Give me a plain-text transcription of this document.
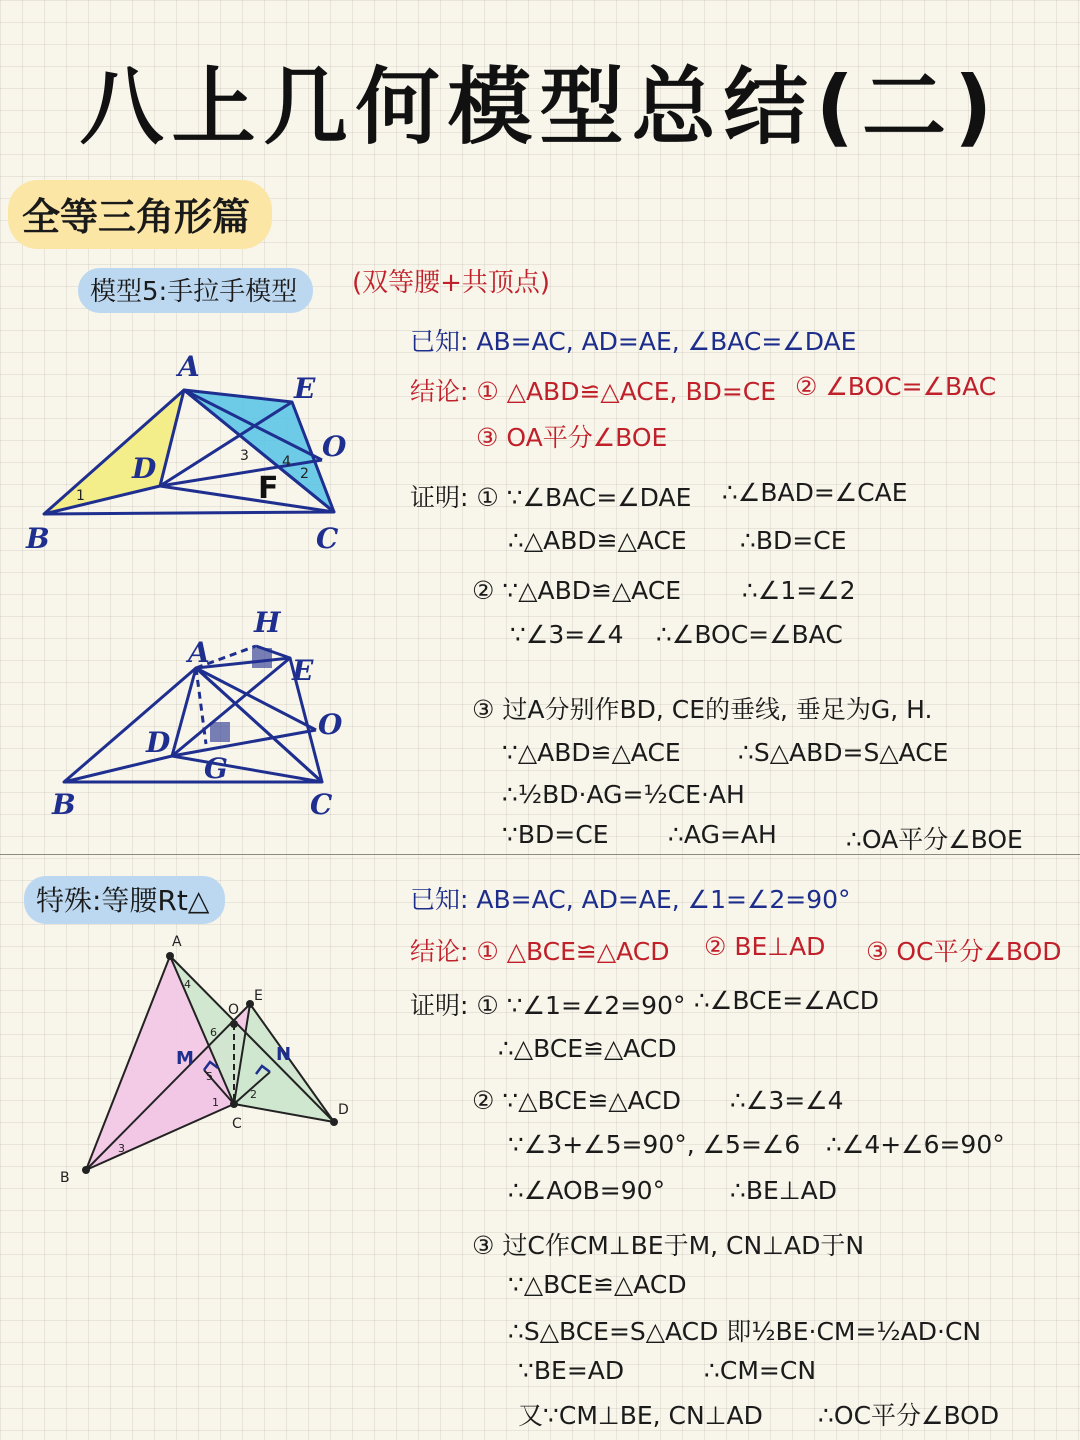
八上几何模型总结(二)
全等三角形篇
模型5:手拉手模型	(双等腰+共顶点)
已知: AB=AC, AD=AE, ∠BAC=∠DAE
结论: ① △ABD≌△ACE, BD=CE ② ∠BOC=∠BAC
③ OA平分∠BOE
证明: ① ∵∠BAC=∠DAE ∴∠BAD=∠CAE
∴△ABD≌△ACE ∴BD=CE
② ∵△ABD≌△ACE ∴∠1=∠2
∵∠3=∠4 ∴∠BOC=∠BAC
③ 过A分别作BD, CE的垂线, 垂足为G, H.
∵△ABD≌△ACE ∴S△ABD=S△ACE
∴½BD·AG=½CE·AH
∵BD=CE ∴AG=AH	∴OA平分∠BOE
A
E
D
O
F
B	C
1
2
3 4
A
H
E
O
D
G
B	C
特殊:等腰Rt△	已知: AB=AC, AD=AE, ∠1=∠2=90°
结论: ① △BCE≌△ACD ② BE⊥AD ③ OC平分∠BOD
证明: ① ∵∠1=∠2=90° ∴∠BCE=∠ACD
∴△BCE≌△ACD
② ∵△BCE≌△ACD ∴∠3=∠4
∵∠3+∠5=90°, ∠5=∠6 ∴∠4+∠6=90°
∴∠AOB=90°	∴BE⊥AD
③ 过C作CM⊥BE于M, CN⊥AD于N
∵△BCE≌△ACD
∴S△BCE=S△ACD 即½BE·CM=½AD·CN
∵BE=AD	∴CM=CN
又∵CM⊥BE, CN⊥AD ∴OC平分∠BOD
A
E
O
D
C
B
M	N
1
2
3
4
5
6
